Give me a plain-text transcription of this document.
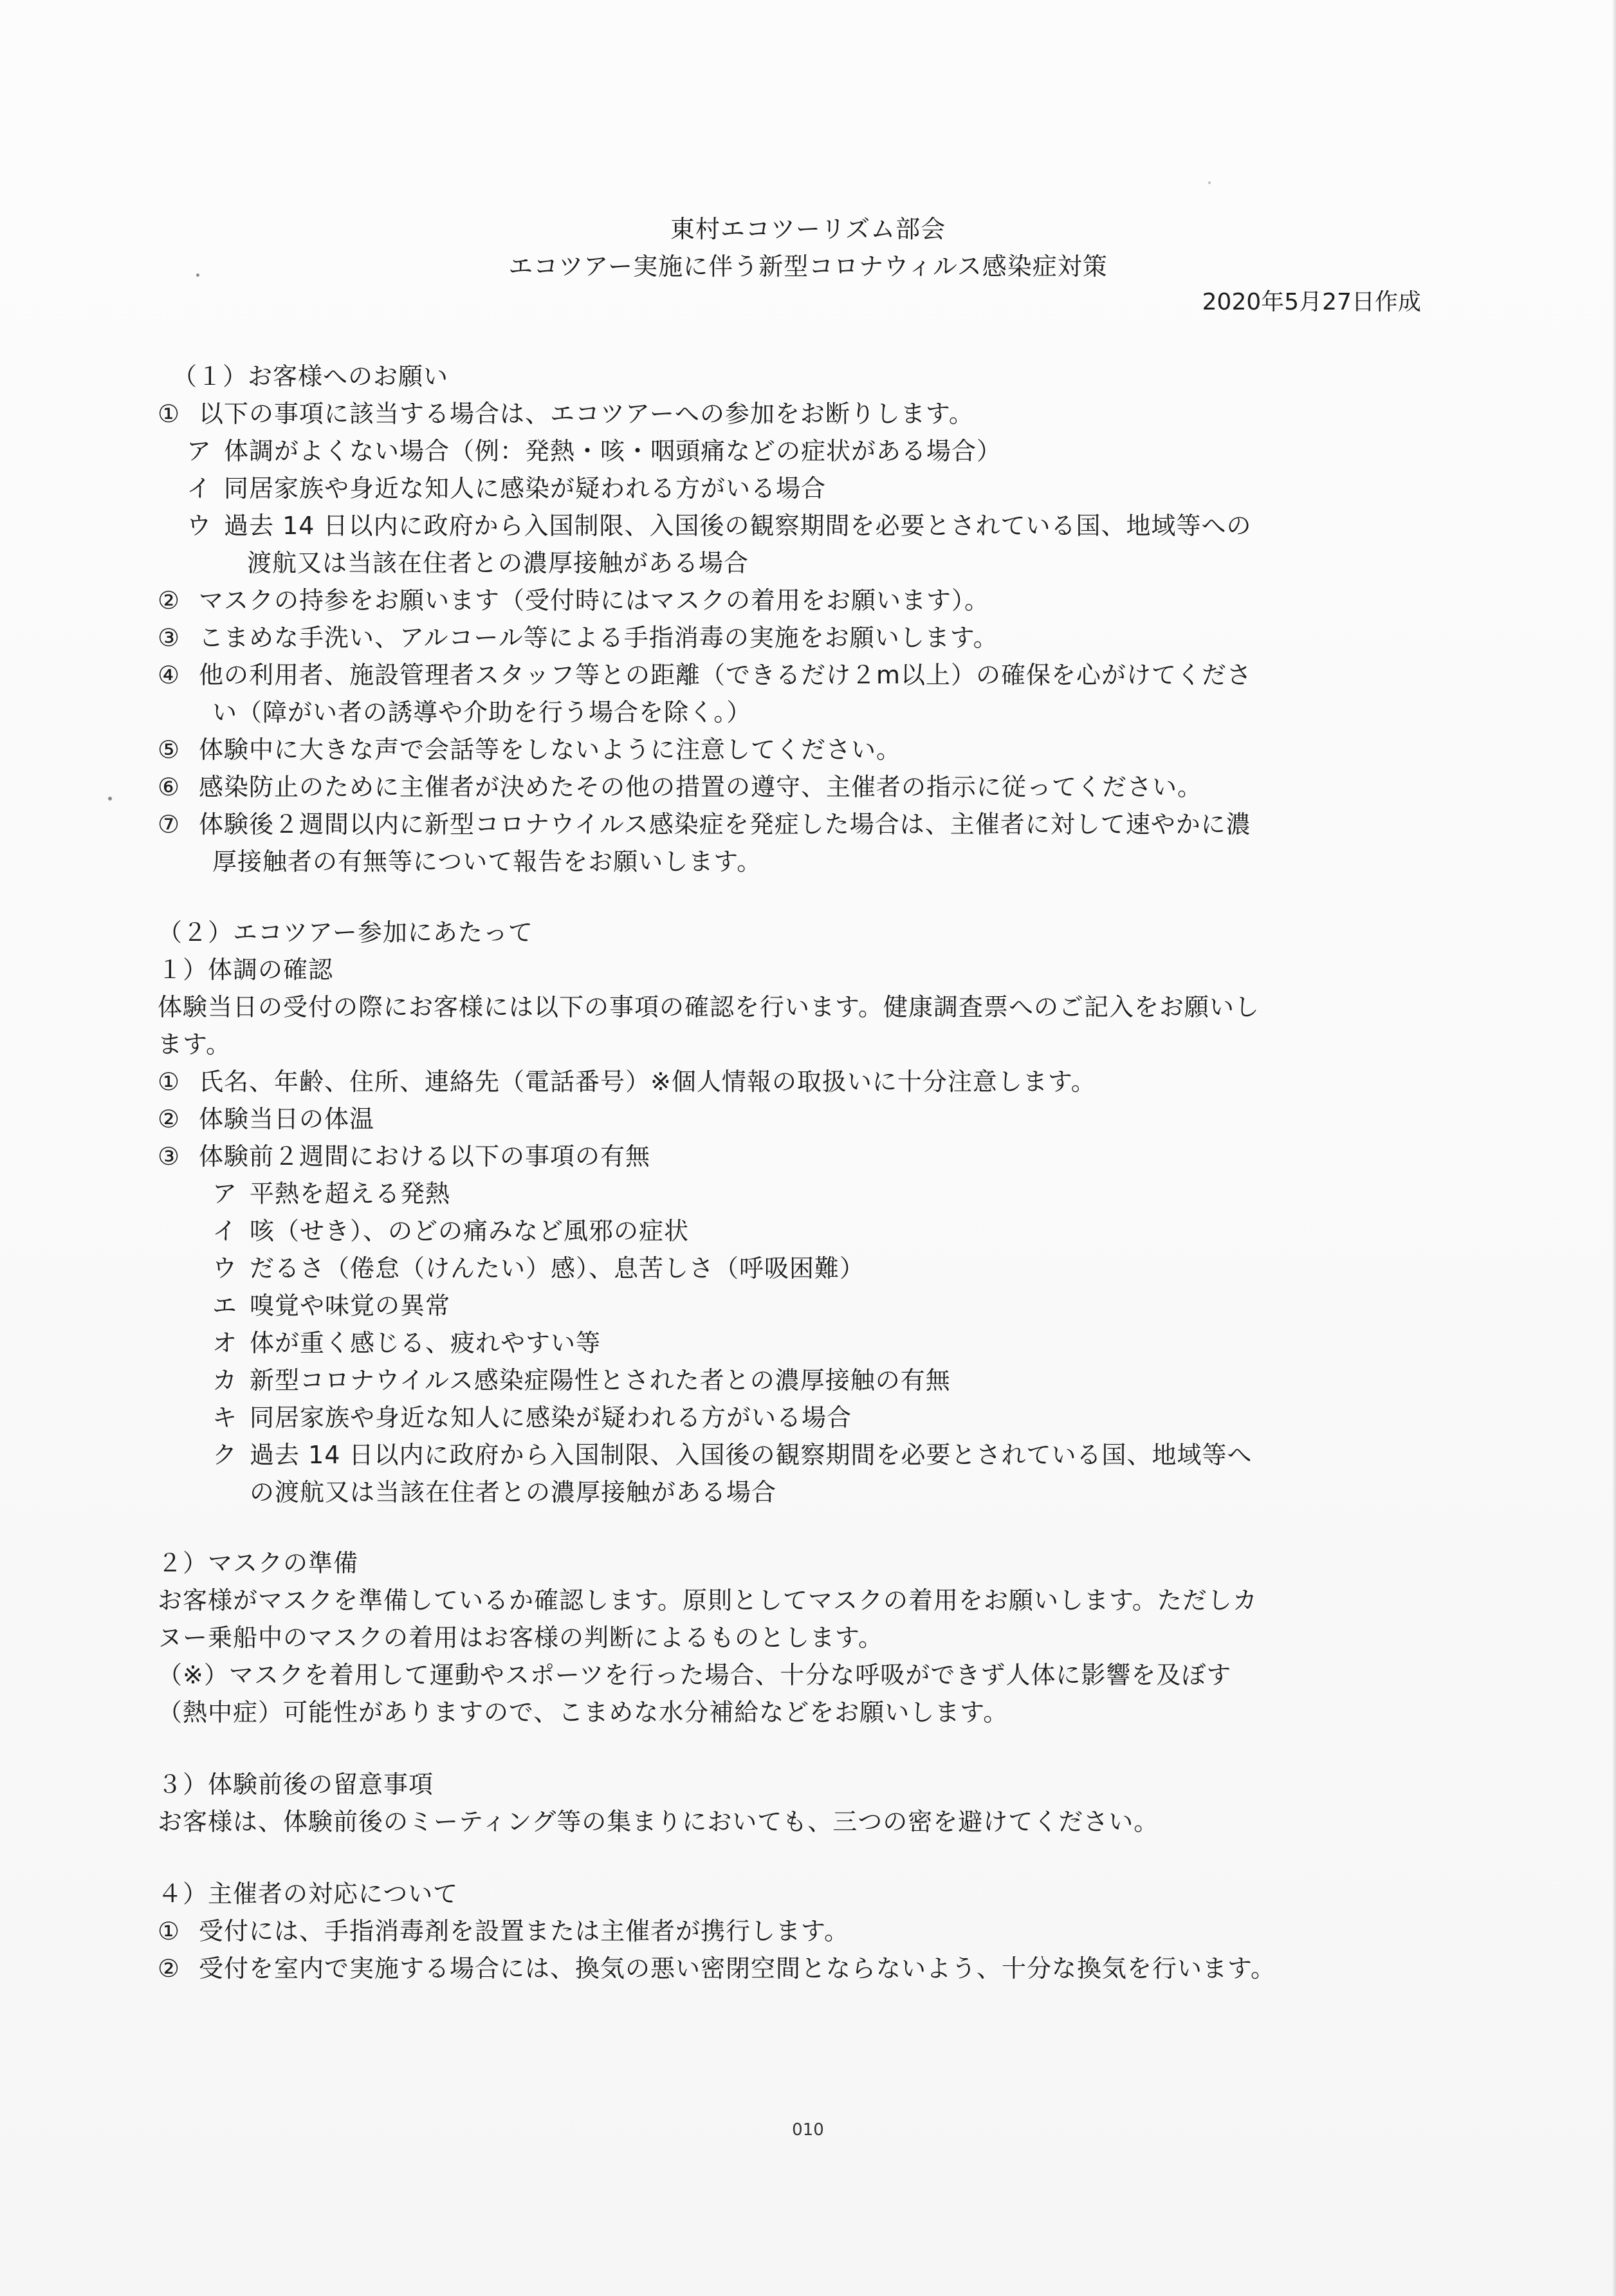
東村エコツーリズム部会
エコツアー実施に伴う新型コロナウィルス感染症対策
2020年5月27日作成
（１）お客様へのお願い
① 以下の事項に該当する場合は、エコツアーへの参加をお断りします。
ア 体調がよくない場合（例：発熱・咳・咽頭痛などの症状がある場合）
イ 同居家族や身近な知人に感染が疑われる方がいる場合
ウ 過去 14 日以内に政府から入国制限、入国後の観察期間を必要とされている国、地域等への
渡航又は当該在住者との濃厚接触がある場合
② マスクの持参をお願います（受付時にはマスクの着用をお願います）。
③ こまめな手洗い、アルコール等による手指消毒の実施をお願いします。
④ 他の利用者、施設管理者スタッフ等との距離（できるだけ２m以上）の確保を心がけてくださ
い（障がい者の誘導や介助を行う場合を除く。）
⑤ 体験中に大きな声で会話等をしないように注意してください。
⑥ 感染防止のために主催者が決めたその他の措置の遵守、主催者の指示に従ってください。
⑦ 体験後２週間以内に新型コロナウイルス感染症を発症した場合は、主催者に対して速やかに濃
厚接触者の有無等について報告をお願いします。
（２）エコツアー参加にあたって
１）体調の確認
体験当日の受付の際にお客様には以下の事項の確認を行います。健康調査票へのご記入をお願いし
ます。
① 氏名、年齢、住所、連絡先（電話番号）※個人情報の取扱いに十分注意します。
② 体験当日の体温
③ 体験前２週間における以下の事項の有無
ア 平熱を超える発熱
イ 咳（せき）、のどの痛みなど風邪の症状
ウ だるさ（倦怠（けんたい）感）、息苦しさ（呼吸困難）
エ 嗅覚や味覚の異常
オ 体が重く感じる、疲れやすい等
カ 新型コロナウイルス感染症陽性とされた者との濃厚接触の有無
キ 同居家族や身近な知人に感染が疑われる方がいる場合
ク 過去 14 日以内に政府から入国制限、入国後の観察期間を必要とされている国、地域等へ
の渡航又は当該在住者との濃厚接触がある場合
２）マスクの準備
お客様がマスクを準備しているか確認します。原則としてマスクの着用をお願いします。ただしカ
ヌー乗船中のマスクの着用はお客様の判断によるものとします。
（※）マスクを着用して運動やスポーツを行った場合、十分な呼吸ができず人体に影響を及ぼす
（熱中症）可能性がありますので、こまめな水分補給などをお願いします。
３）体験前後の留意事項
お客様は、体験前後のミーティング等の集まりにおいても、三つの密を避けてください。
４）主催者の対応について
① 受付には、手指消毒剤を設置または主催者が携行します。
② 受付を室内で実施する場合には、換気の悪い密閉空間とならないよう、十分な換気を行います。
010
